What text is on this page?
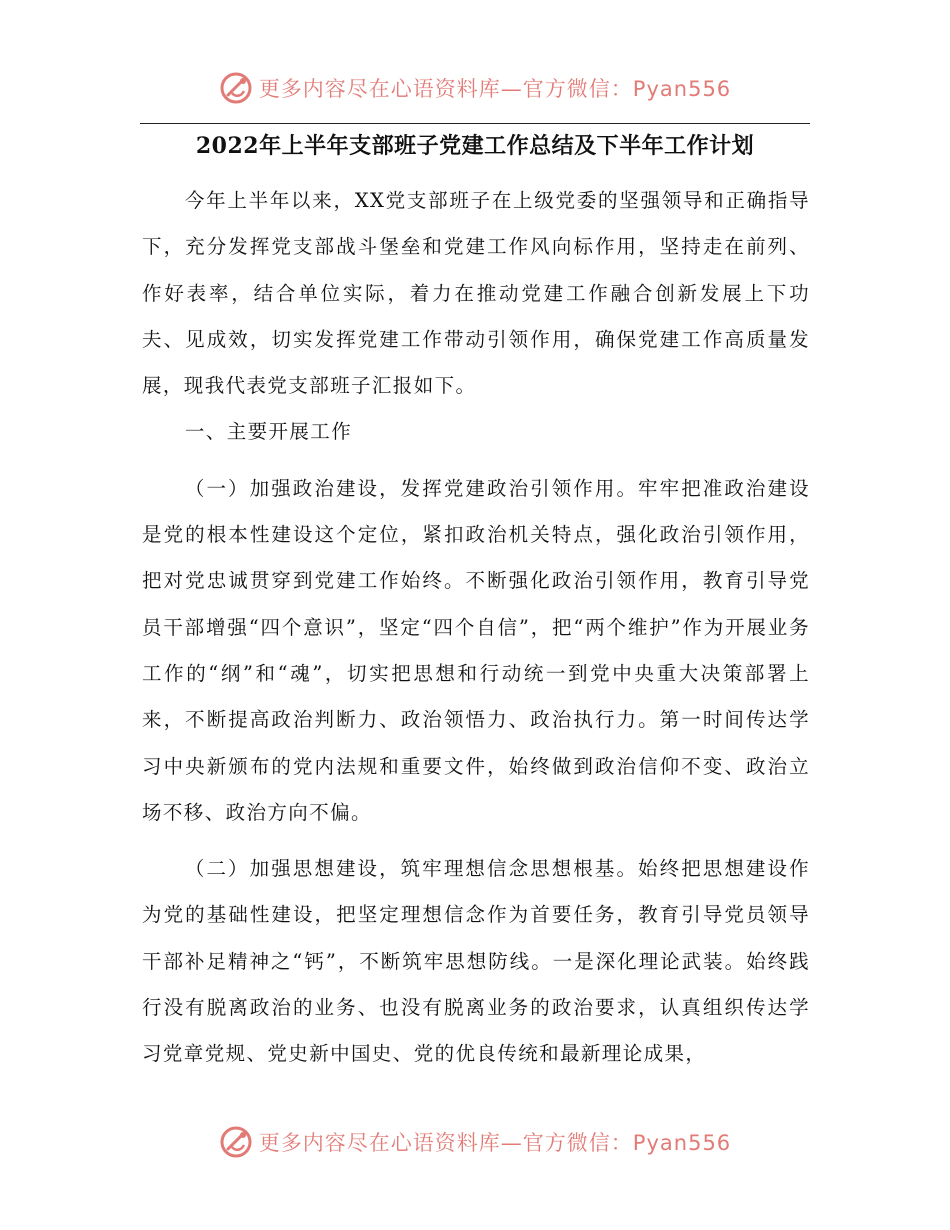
更多内容尽在心语资料库—官方微信：Pyan556
2022年上半年支部班子党建工作总结及下半年工作计划

今年上半年以来，XX党支部班子在上级党委的坚强领导和正确指导下，充分发挥党支部战斗堡垒和党建工作风向标作用，坚持走在前列、作好表率，结合单位实际，着力在推动党建工作融合创新发展上下功夫、见成效，切实发挥党建工作带动引领作用，确保党建工作高质量发展，现我代表党支部班子汇报如下。

一、主要开展工作

（一）加强政治建设，发挥党建政治引领作用。牢牢把准政治建设是党的根本性建设这个定位，紧扣政治机关特点，强化政治引领作用，把对党忠诚贯穿到党建工作始终。不断强化政治引领作用，教育引导党员干部增强“四个意识”，坚定“四个自信”，把“两个维护”作为开展业务工作的“纲”和“魂”，切实把思想和行动统一到党中央重大决策部署上来，不断提高政治判断力、政治领悟力、政治执行力。第一时间传达学习中央新颁布的党内法规和重要文件，始终做到政治信仰不变、政治立场不移、政治方向不偏。

（二）加强思想建设，筑牢理想信念思想根基。始终把思想建设作为党的基础性建设，把坚定理想信念作为首要任务，教育引导党员领导干部补足精神之“钙”，不断筑牢思想防线。一是深化理论武装。始终践行没有脱离政治的业务、也没有脱离业务的政治要求，认真组织传达学习党章党规、党史新中国史、党的优良传统和最新理论成果，

更多内容尽在心语资料库—官方微信：Pyan556
